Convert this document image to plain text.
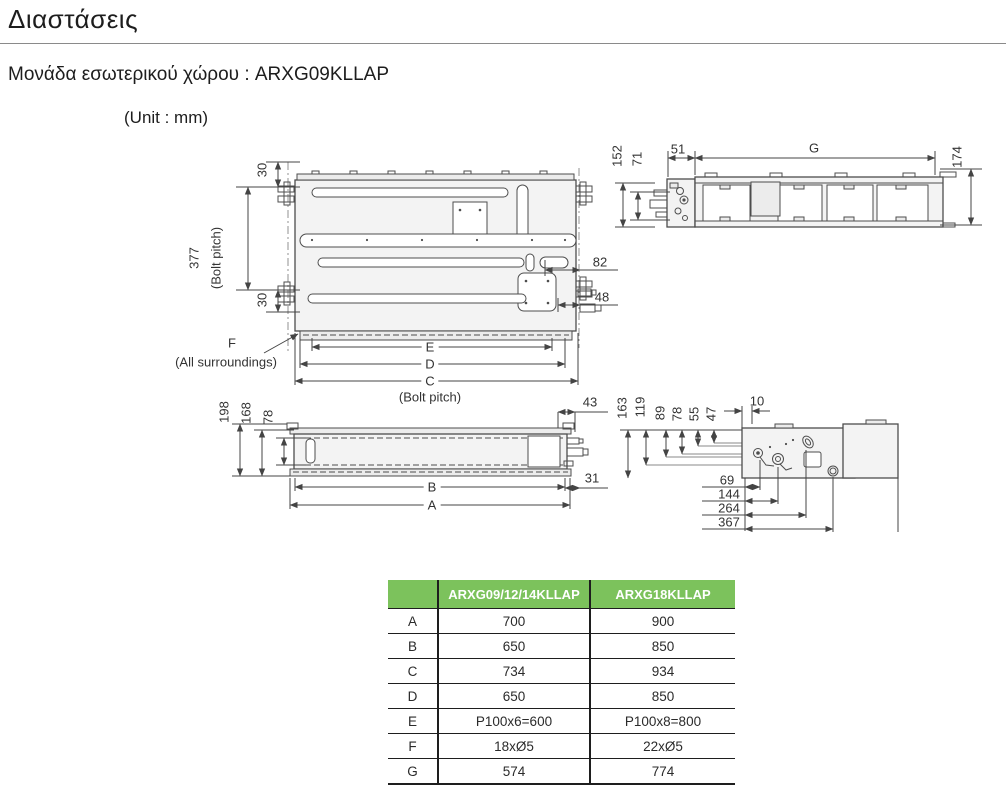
Διαστάσεις
Μονάδα εσωτερικού χώρου : ARXG09KLLAP
(Unit : mm)
30
377 (Bolt pitch)
30
82
48
F
(All surroundings)
E
D
C
(Bolt pitch)
152 71
51	G	174
198 168 78
43
31
B
A
163 119 89 78 55 47
10
69
144
264
367
	ARXG09/12/14KLLAP	ARXG18KLLAP
A	700	900
B	650	850
C	734	934
D	650	850
E	P100x6=600	P100x8=800
F	18xØ5	22xØ5
G	574	774
